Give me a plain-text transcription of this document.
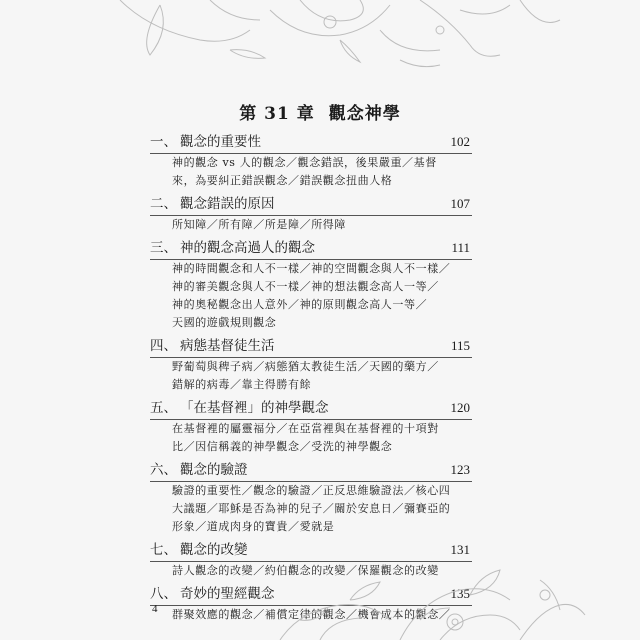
第 31 章 觀念神學
一、 觀念的重要性	102
神的觀念 vs 人的觀念／觀念錯誤，後果嚴重／基督
來，為要糾正錯誤觀念／錯誤觀念扭曲人格
二、 觀念錯誤的原因	107
所知障／所有障／所是障／所得障
三、 神的觀念高過人的觀念	111
神的時間觀念和人不一樣／神的空間觀念與人不一樣／
神的審美觀念與人不一樣／神的想法觀念高人一等／
神的奧秘觀念出人意外／神的原則觀念高人一等／
天國的遊戲規則觀念
四、 病態基督徒生活	115
野葡萄與稗子病／病態猶太教徒生活／天國的藥方／
錯解的病毒／靠主得勝有餘
五、 「在基督裡」的神學觀念	120
在基督裡的屬靈福分／在亞當裡與在基督裡的十項對
比／因信稱義的神學觀念／受洗的神學觀念
六、 觀念的驗證	123
驗證的重要性／觀念的驗證／正反思維驗證法／核心四
大議題／耶穌是否為神的兒子／關於安息日／彌賽亞的
形象／道成肉身的寶貴／愛就是
七、 觀念的改變	131
詩人觀念的改變／約伯觀念的改變／保羅觀念的改變
八、 奇妙的聖經觀念	135
群聚效應的觀念／補償定律的觀念／機會成本的觀念／
4
